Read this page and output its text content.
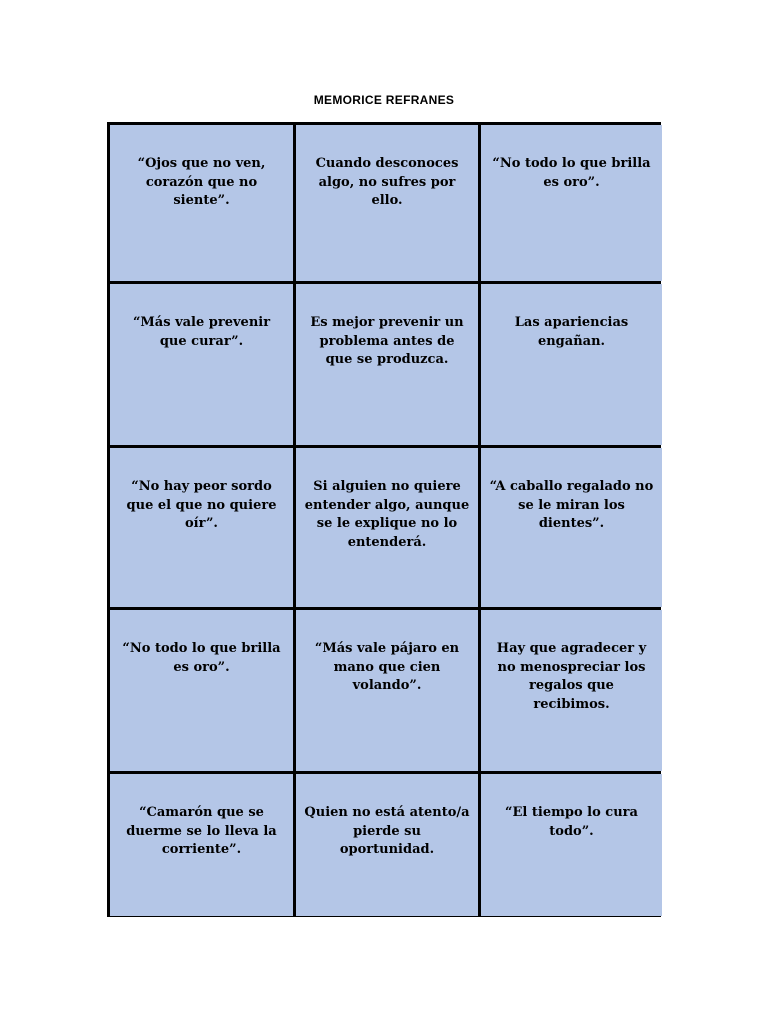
MEMORICE REFRANES

“Ojos que no ven, corazón que no siente”.

Cuando desconoces algo, no sufres por ello.

“No todo lo que brilla es oro”.

“Más vale prevenir que curar”.

Es mejor prevenir un problema antes de que se produzca.

Las apariencias engañan.

“No hay peor sordo que el que no quiere oír”.

Si alguien no quiere entender algo, aunque se le explique no lo entenderá.

“A caballo regalado no se le miran los dientes”.

“No todo lo que brilla es oro”.

“Más vale pájaro en mano que cien volando”.

Hay que agradecer y no menospreciar los regalos que recibimos.

“Camarón que se duerme se lo lleva la corriente”.

Quien no está atento/a pierde su oportunidad.

“El tiempo lo cura todo”.
